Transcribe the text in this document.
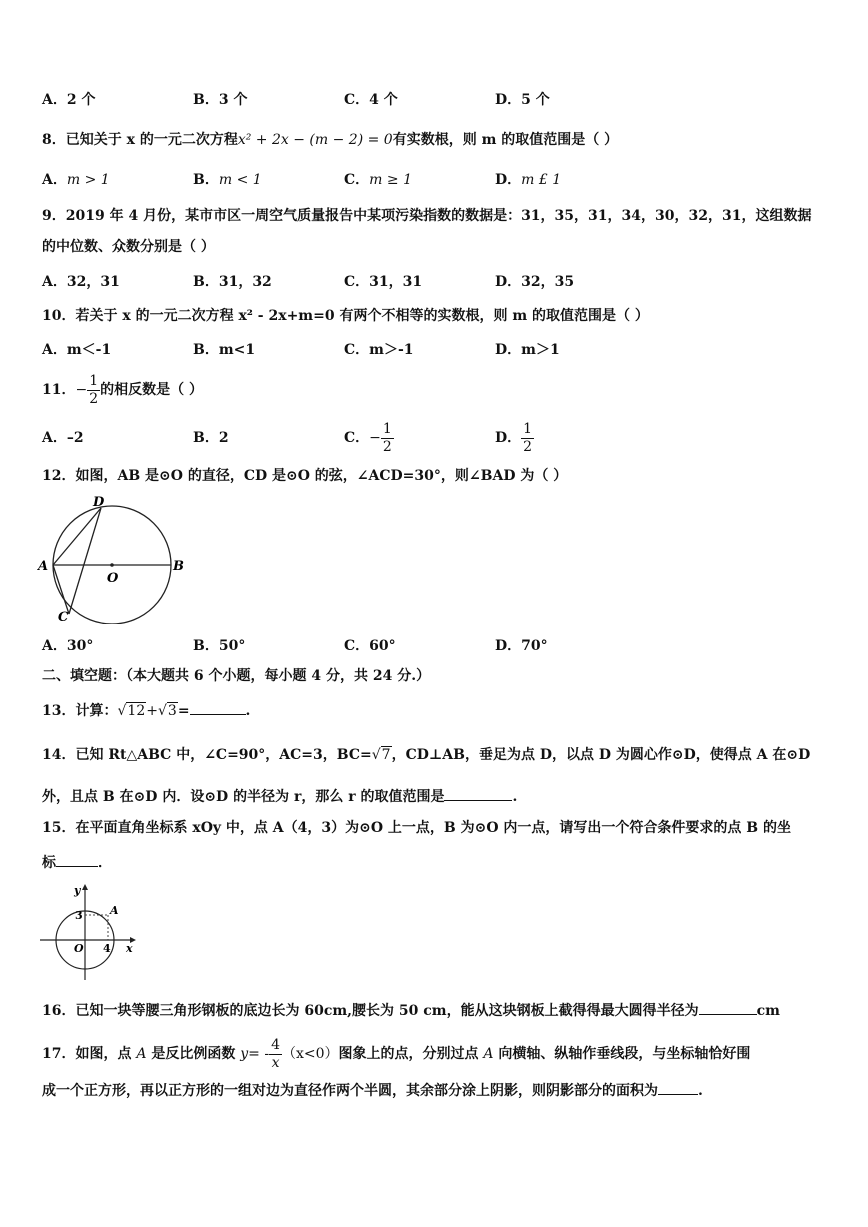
A．2 个	B．3 个	C．4 个	D．5 个
8．已知关于 x 的一元二次方程x² + 2x − (m − 2) = 0有实数根，则 m 的取值范围是（ ）
A．m > 1	B．m < 1	C．m ≥ 1	D．m £ 1
9．2019 年 4 月份，某市市区一周空气质量报告中某项污染指数的数据是：31，35，31，34，30，32，31，这组数据
的中位数、众数分别是（ ）
A．32，31	B．31，32	C．31，31	D．32，35
10．若关于 x 的一元二次方程 x² - 2x+m=0 有两个不相等的实数根，则 m 的取值范围是（ ）
A．m＜-1	B．m<1	C．m＞-1	D．m＞1
11．− $\frac{1}{2}$ 的相反数是（ ）
A．–2	B．2	C．− $\frac{1}{2}$	D． $\frac{1}{2}$
12．如图，AB 是⊙O 的直径，CD 是⊙O 的弦，∠ACD=30°，则∠BAD 为（ ）
A	B
C
D
O
A．30°	B．50°	C．60°	D．70°
二、填空题：（本大题共 6 个小题，每小题 4 分，共 24 分.）
13．计算：√12+√3=	.
14．已知 Rt△ABC 中，∠C=90°，AC=3，BC=√7，CD⊥AB，垂足为点 D，以点 D 为圆心作⊙D，使得点 A 在⊙D
外，且点 B 在⊙D 内．设⊙D 的半径为 r，那么 r 的取值范围是	.
15．在平面直角坐标系 xOy 中，点 A（4，3）为⊙O 上一点，B 为⊙O 内一点，请写出一个符合条件要求的点 B 的坐
标	．
y
x
O
A
3
4
16．已知一块等腰三角形钢板的底边长为 60cm,腰长为 50 cm，能从这块钢板上截得得最大圆得半径为	cm
17．如图，点 A 是反比例函数 $y= - \frac{4}{x} (x<0)$图象上的点，分别过点 A 向横轴、纵轴作垂线段，与坐标轴恰好围
成一个正方形，再以正方形的一组对边为直径作两个半圆，其余部分涂上阴影，则阴影部分的面积为	.
